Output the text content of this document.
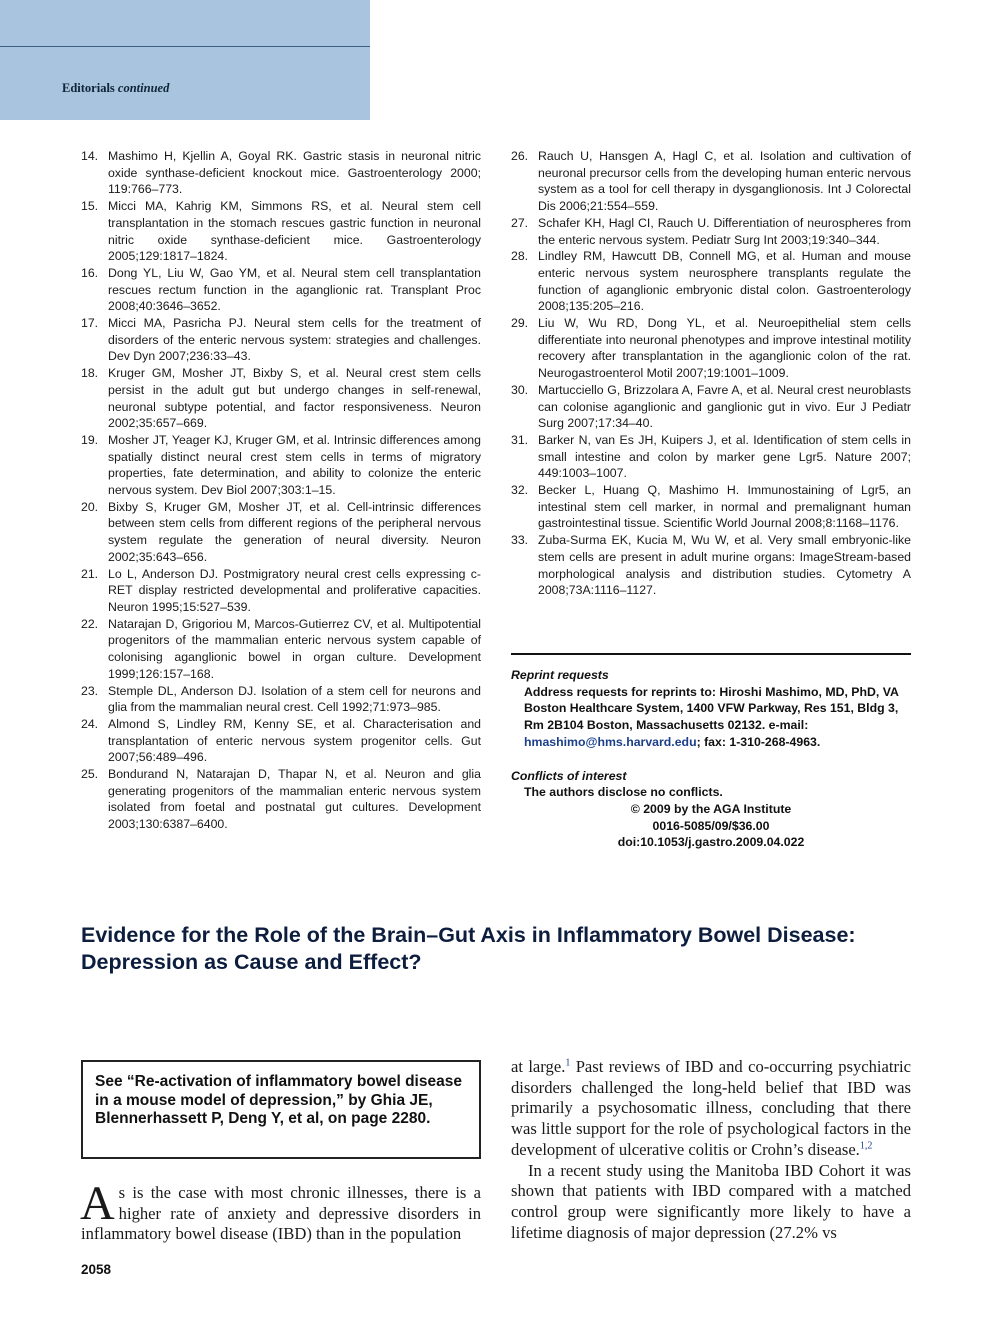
Editorials continued
14. Mashimo H, Kjellin A, Goyal RK. Gastric stasis in neuronal nitric oxide synthase-deficient knockout mice. Gastroenterology 2000; 119:766–773.
15. Micci MA, Kahrig KM, Simmons RS, et al. Neural stem cell transplantation in the stomach rescues gastric function in neuronal nitric oxide synthase-deficient mice. Gastroenterology 2005;129:1817–1824.
16. Dong YL, Liu W, Gao YM, et al. Neural stem cell transplantation rescues rectum function in the aganglionic rat. Transplant Proc 2008;40:3646–3652.
17. Micci MA, Pasricha PJ. Neural stem cells for the treatment of disorders of the enteric nervous system: strategies and challenges. Dev Dyn 2007;236:33–43.
18. Kruger GM, Mosher JT, Bixby S, et al. Neural crest stem cells persist in the adult gut but undergo changes in self-renewal, neuronal subtype potential, and factor responsiveness. Neuron 2002;35:657–669.
19. Mosher JT, Yeager KJ, Kruger GM, et al. Intrinsic differences among spatially distinct neural crest stem cells in terms of migratory properties, fate determination, and ability to colonize the enteric nervous system. Dev Biol 2007;303:1–15.
20. Bixby S, Kruger GM, Mosher JT, et al. Cell-intrinsic differences between stem cells from different regions of the peripheral nervous system regulate the generation of neural diversity. Neuron 2002;35:643–656.
21. Lo L, Anderson DJ. Postmigratory neural crest cells expressing c-RET display restricted developmental and proliferative capacities. Neuron 1995;15:527–539.
22. Natarajan D, Grigoriou M, Marcos-Gutierrez CV, et al. Multipotential progenitors of the mammalian enteric nervous system capable of colonising aganglionic bowel in organ culture. Development 1999;126:157–168.
23. Stemple DL, Anderson DJ. Isolation of a stem cell for neurons and glia from the mammalian neural crest. Cell 1992;71:973–985.
24. Almond S, Lindley RM, Kenny SE, et al. Characterisation and transplantation of enteric nervous system progenitor cells. Gut 2007;56:489–496.
25. Bondurand N, Natarajan D, Thapar N, et al. Neuron and glia generating progenitors of the mammalian enteric nervous system isolated from foetal and postnatal gut cultures. Development 2003;130:6387–6400.
26. Rauch U, Hansgen A, Hagl C, et al. Isolation and cultivation of neuronal precursor cells from the developing human enteric nervous system as a tool for cell therapy in dysganglionosis. Int J Colorectal Dis 2006;21:554–559.
27. Schafer KH, Hagl CI, Rauch U. Differentiation of neurospheres from the enteric nervous system. Pediatr Surg Int 2003;19:340–344.
28. Lindley RM, Hawcutt DB, Connell MG, et al. Human and mouse enteric nervous system neurosphere transplants regulate the function of aganglionic embryonic distal colon. Gastroenterology 2008;135:205–216.
29. Liu W, Wu RD, Dong YL, et al. Neuroepithelial stem cells differentiate into neuronal phenotypes and improve intestinal motility recovery after transplantation in the aganglionic colon of the rat. Neurogastroenterol Motil 2007;19:1001–1009.
30. Martucciello G, Brizzolara A, Favre A, et al. Neural crest neuroblasts can colonise aganglionic and ganglionic gut in vivo. Eur J Pediatr Surg 2007;17:34–40.
31. Barker N, van Es JH, Kuipers J, et al. Identification of stem cells in small intestine and colon by marker gene Lgr5. Nature 2007; 449:1003–1007.
32. Becker L, Huang Q, Mashimo H. Immunostaining of Lgr5, an intestinal stem cell marker, in normal and premalignant human gastrointestinal tissue. Scientific World Journal 2008;8:1168–1176.
33. Zuba-Surma EK, Kucia M, Wu W, et al. Very small embryonic-like stem cells are present in adult murine organs: ImageStream-based morphological analysis and distribution studies. Cytometry A 2008;73A:1116–1127.
Reprint requests
Address requests for reprints to: Hiroshi Mashimo, MD, PhD, VA Boston Healthcare System, 1400 VFW Parkway, Res 151, Bldg 3, Rm 2B104 Boston, Massachusetts 02132. e-mail: hmashimo@hms.harvard.edu; fax: 1-310-268-4963.
Conflicts of interest
The authors disclose no conflicts.
© 2009 by the AGA Institute
0016-5085/09/$36.00
doi:10.1053/j.gastro.2009.04.022
Evidence for the Role of the Brain–Gut Axis in Inflammatory Bowel Disease: Depression as Cause and Effect?
See “Re-activation of inflammatory bowel disease in a mouse model of depression,” by Ghia JE, Blennerhassett P, Deng Y, et al, on page 2280.
As is the case with most chronic illnesses, there is a higher rate of anxiety and depressive disorders in inflammatory bowel disease (IBD) than in the population

at large.$^1$ Past reviews of IBD and co-occurring psychiatric disorders challenged the long-held belief that IBD was primarily a psychosomatic illness, concluding that there was little support for the role of psychological factors in the development of ulcerative colitis or Crohn’s disease.$^{1,2}$

In a recent study using the Manitoba IBD Cohort it was shown that patients with IBD compared with a matched control group were significantly more likely to have a lifetime diagnosis of major depression (27.2% vs

2058
